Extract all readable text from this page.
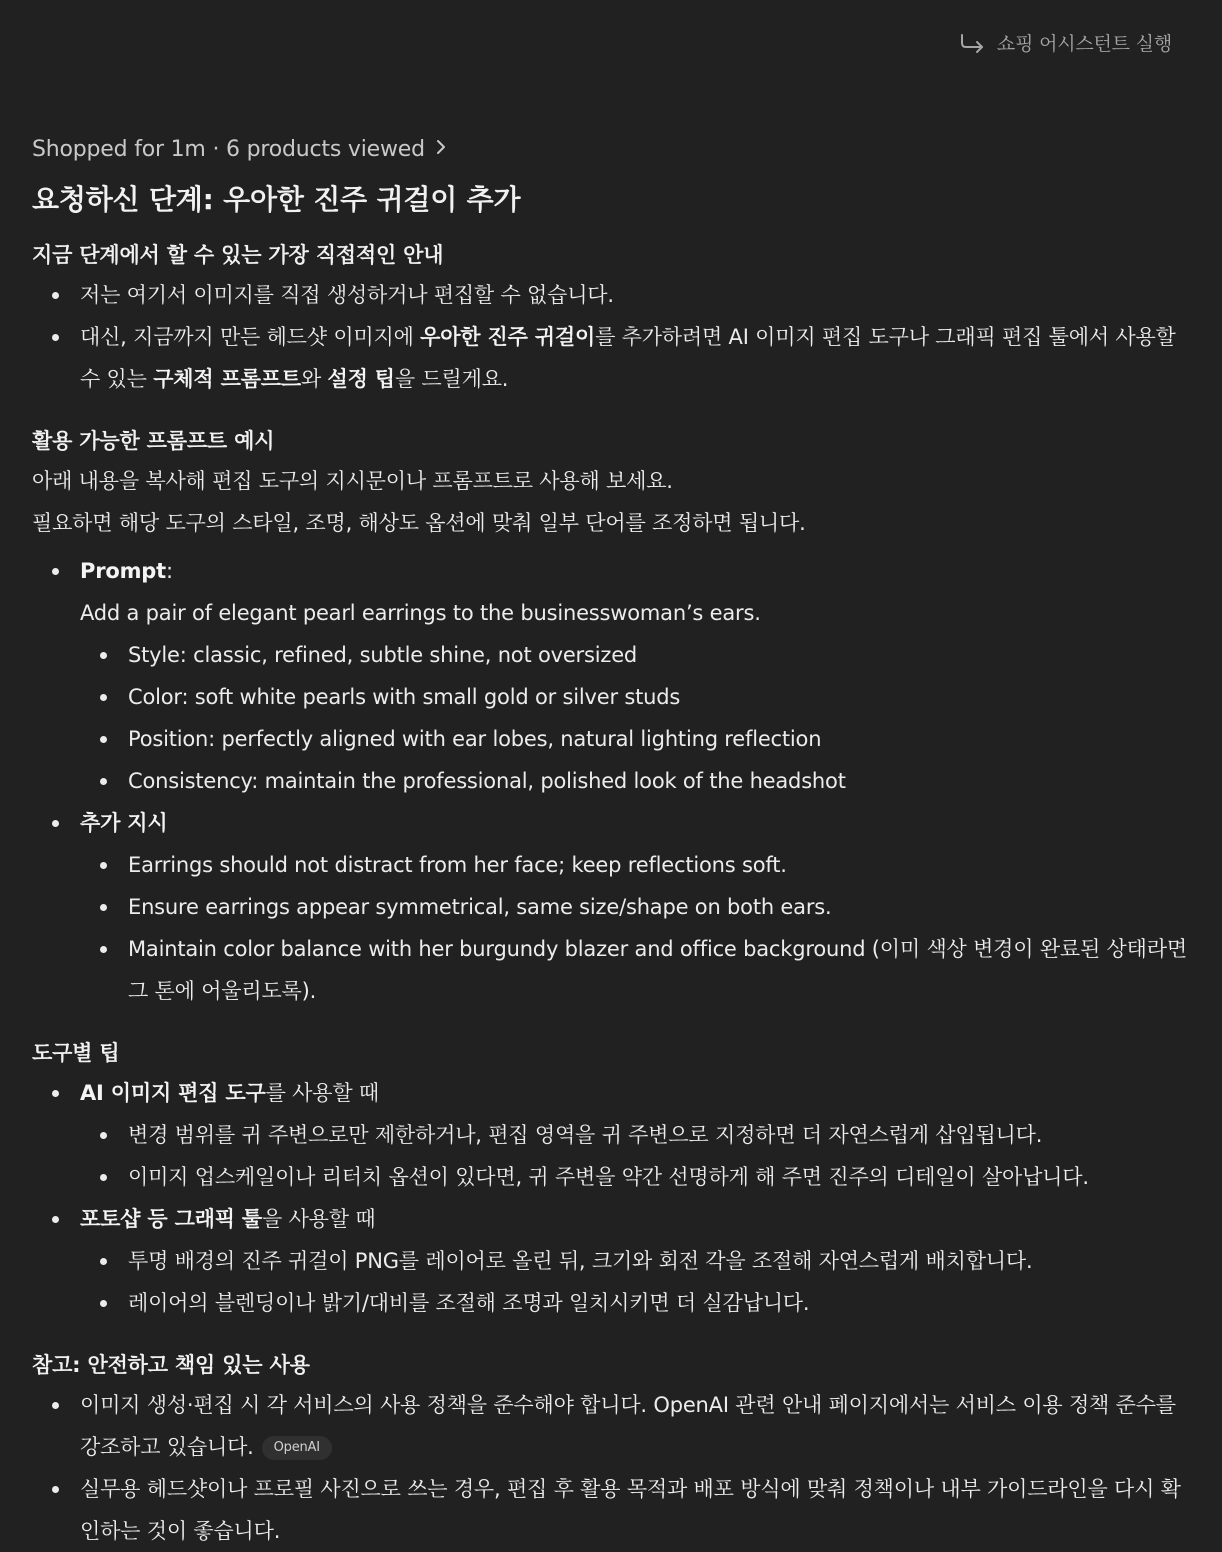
쇼핑 어시스턴트 실행
Shopped for 1m · 6 products viewed
요청하신 단계: 우아한 진주 귀걸이 추가
지금 단계에서 할 수 있는 가장 직접적인 안내
저는 여기서 이미지를 직접 생성하거나 편집할 수 없습니다.
대신, 지금까지 만든 헤드샷 이미지에 우아한 진주 귀걸이를 추가하려면 AI 이미지 편집 도구나 그래픽 편집 툴에서 사용할 수 있는 구체적 프롬프트와 설정 팁을 드릴게요.
활용 가능한 프롬프트 예시

아래 내용을 복사해 편집 도구의 지시문이나 프롬프트로 사용해 보세요.

필요하면 해당 도구의 스타일, 조명, 해상도 옵션에 맞춰 일부 단어를 조정하면 됩니다.

Prompt:
Add a pair of elegant pearl earrings to the businesswoman’s ears.
Style: classic, refined, subtle shine, not oversized
Color: soft white pearls with small gold or silver studs
Position: perfectly aligned with ear lobes, natural lighting reflection
Consistency: maintain the professional, polished look of the headshot
추가 지시
Earrings should not distract from her face; keep reflections soft.
Ensure earrings appear symmetrical, same size/shape on both ears.
Maintain color balance with her burgundy blazer and office background (이미 색상 변경이 완료된 상태라면 그 톤에 어울리도록).
도구별 팁
AI 이미지 편집 도구를 사용할 때
변경 범위를 귀 주변으로만 제한하거나, 편집 영역을 귀 주변으로 지정하면 더 자연스럽게 삽입됩니다.
이미지 업스케일이나 리터치 옵션이 있다면, 귀 주변을 약간 선명하게 해 주면 진주의 디테일이 살아납니다.
포토샵 등 그래픽 툴을 사용할 때
투명 배경의 진주 귀걸이 PNG를 레이어로 올린 뒤, 크기와 회전 각을 조절해 자연스럽게 배치합니다.
레이어의 블렌딩이나 밝기/대비를 조절해 조명과 일치시키면 더 실감납니다.
참고: 안전하고 책임 있는 사용
이미지 생성·편집 시 각 서비스의 사용 정책을 준수해야 합니다. OpenAI 관련 안내 페이지에서는 서비스 이용 정책 준수를 강조하고 있습니다. OpenAI
실무용 헤드샷이나 프로필 사진으로 쓰는 경우, 편집 후 활용 목적과 배포 방식에 맞춰 정책이나 내부 가이드라인을 다시 확인하는 것이 좋습니다.
